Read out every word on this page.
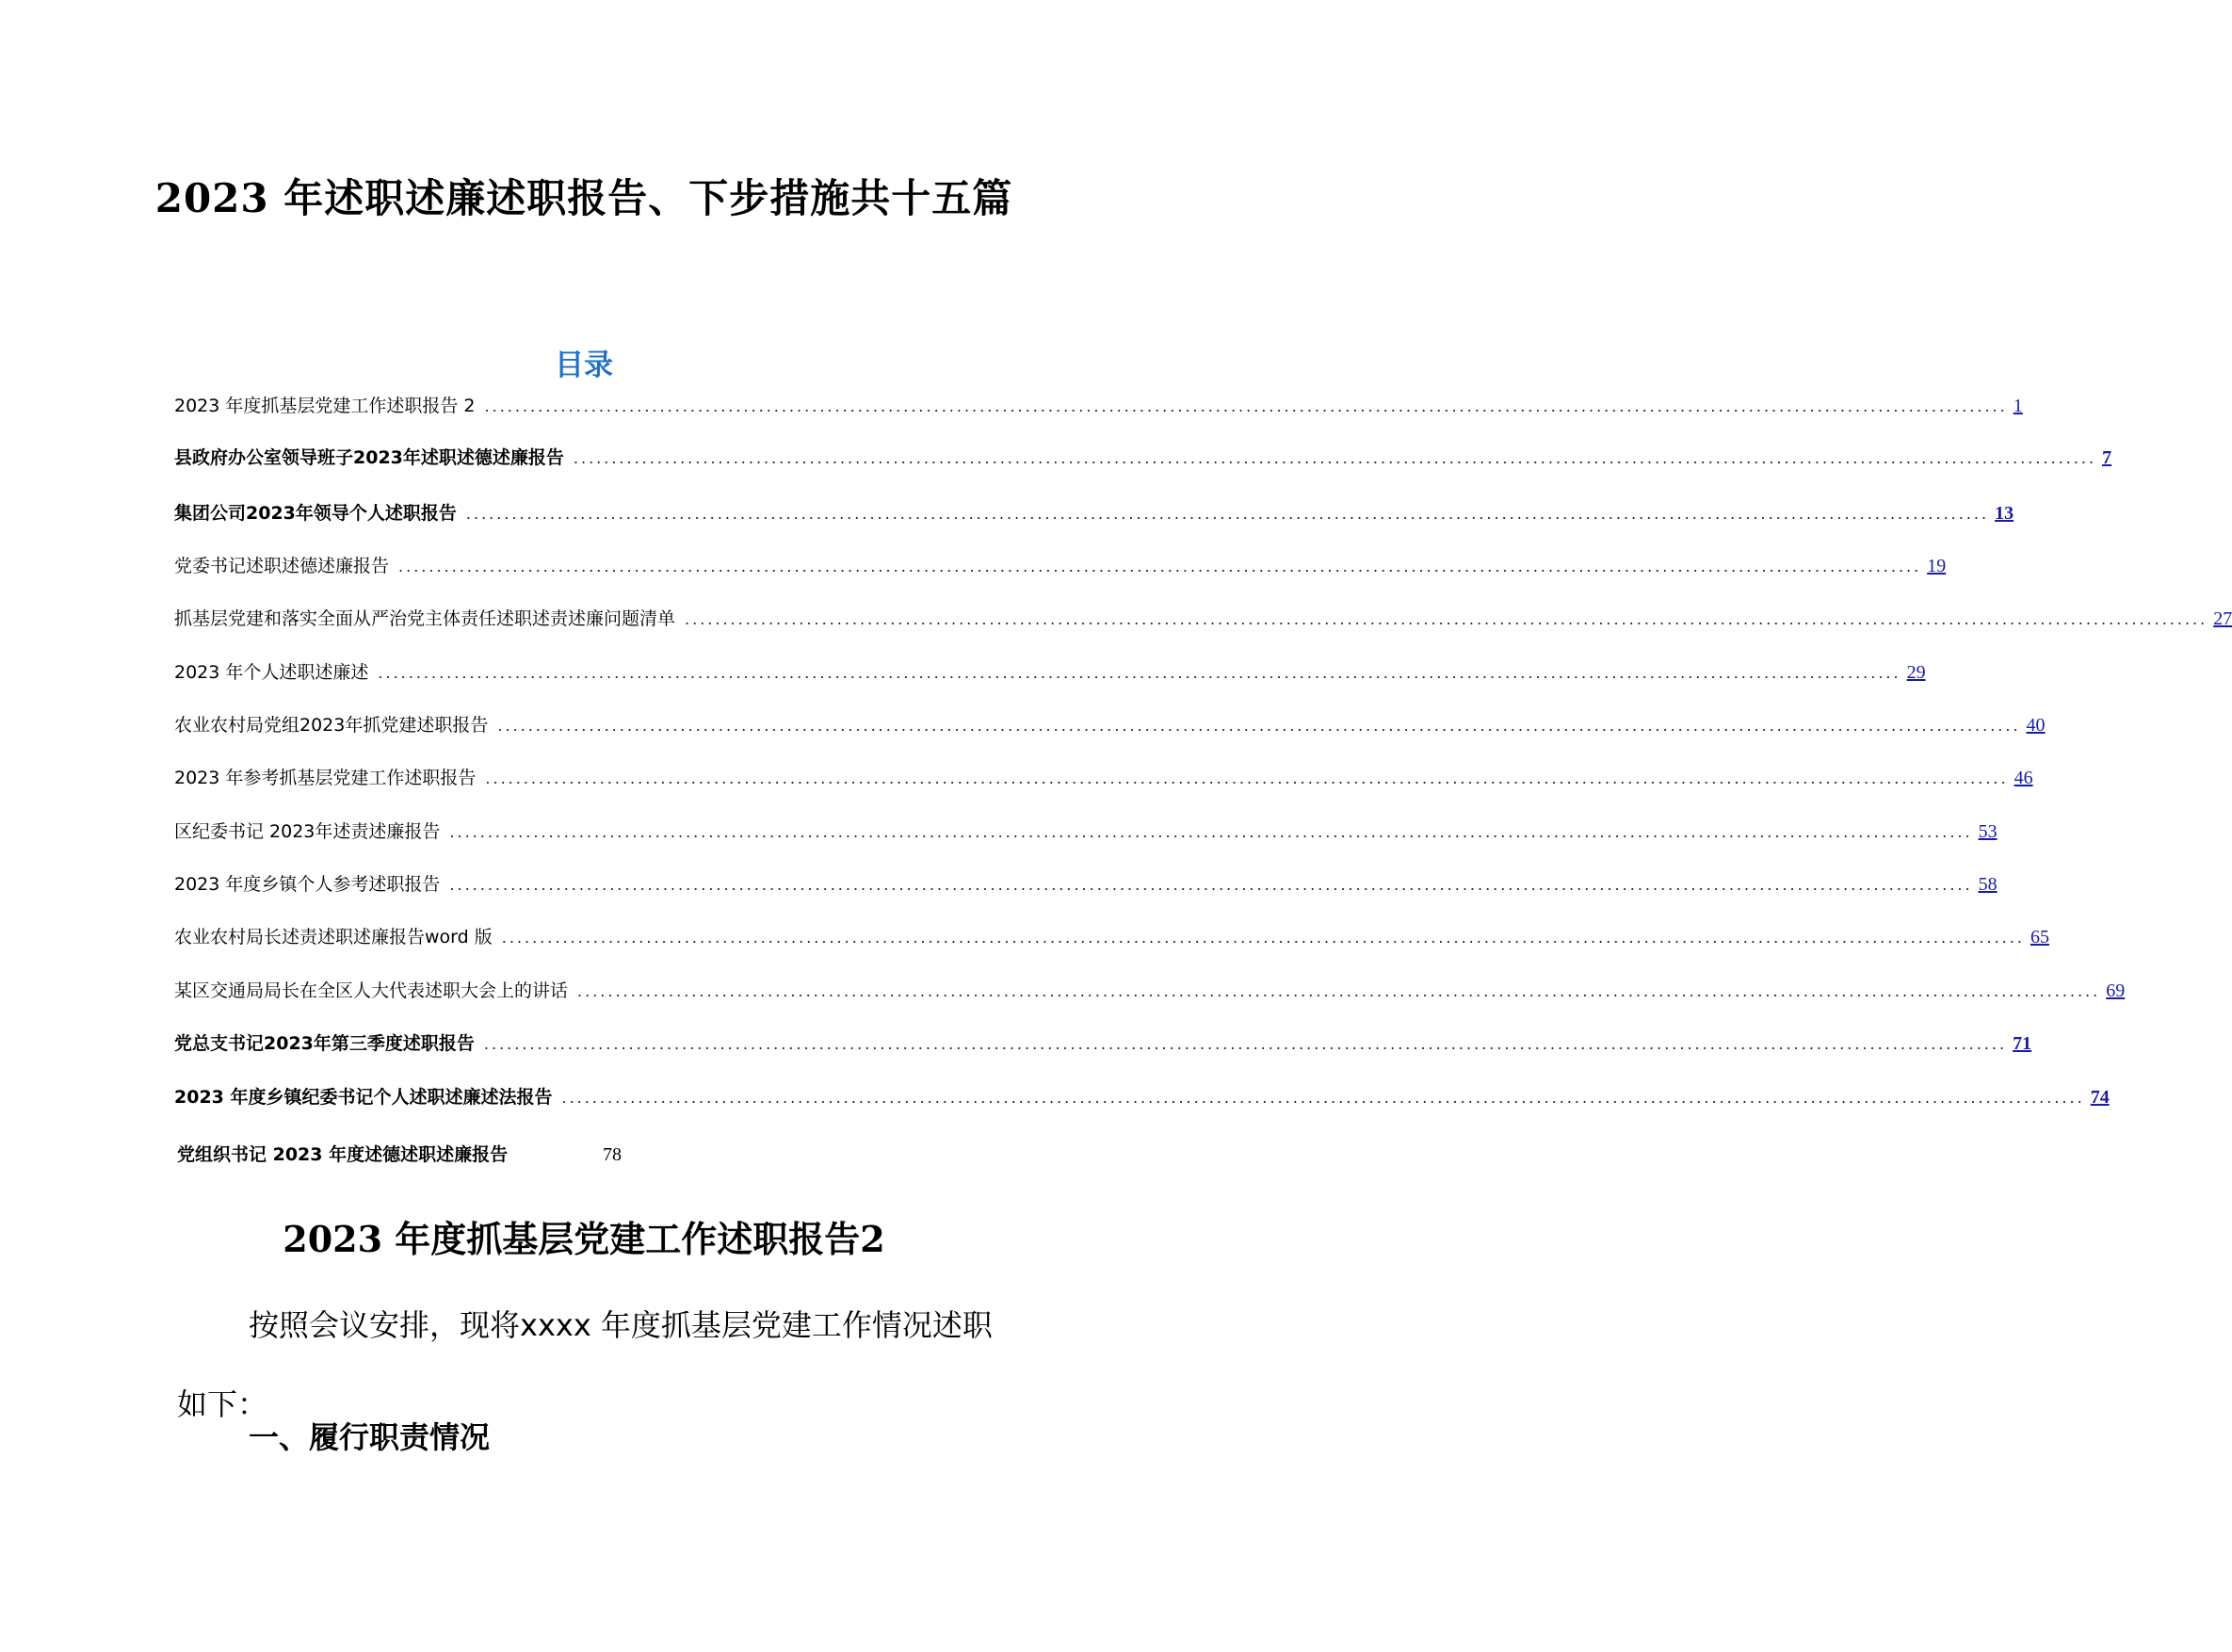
2023 年述职述廉述职报告、下步措施共十五篇
目录
2023 年度抓基层党建工作述职报告 2 ........................................................................................................................................................................................................ 1
县政府办公室领导班子2023年述职述德述廉报告 ........................................................................................................................................................................................................ 7
集团公司2023年领导个人述职报告 ........................................................................................................................................................................................................ 13
党委书记述职述德述廉报告 ........................................................................................................................................................................................................ 19
抓基层党建和落实全面从严治党主体责任述职述责述廉问题清单 ........................................................................................................................................................................................................ 27
2023 年个人述职述廉述 ........................................................................................................................................................................................................ 29
农业农村局党组2023年抓党建述职报告 ........................................................................................................................................................................................................ 40
2023 年参考抓基层党建工作述职报告 ........................................................................................................................................................................................................ 46
区纪委书记 2023年述责述廉报告 ........................................................................................................................................................................................................ 53
2023 年度乡镇个人参考述职报告 ........................................................................................................................................................................................................ 58
农业农村局长述责述职述廉报告word 版 ........................................................................................................................................................................................................ 65
某区交通局局长在全区人大代表述职大会上的讲话 ........................................................................................................................................................................................................ 69
党总支书记2023年第三季度述职报告 ........................................................................................................................................................................................................ 71
2023 年度乡镇纪委书记个人述职述廉述法报告 ........................................................................................................................................................................................................ 74
党组织书记 2023 年度述德述职述廉报告	78
2023 年度抓基层党建工作述职报告2
按照会议安排，现将xxxx 年度抓基层党建工作情况述职如下：
一、履行职责情况
